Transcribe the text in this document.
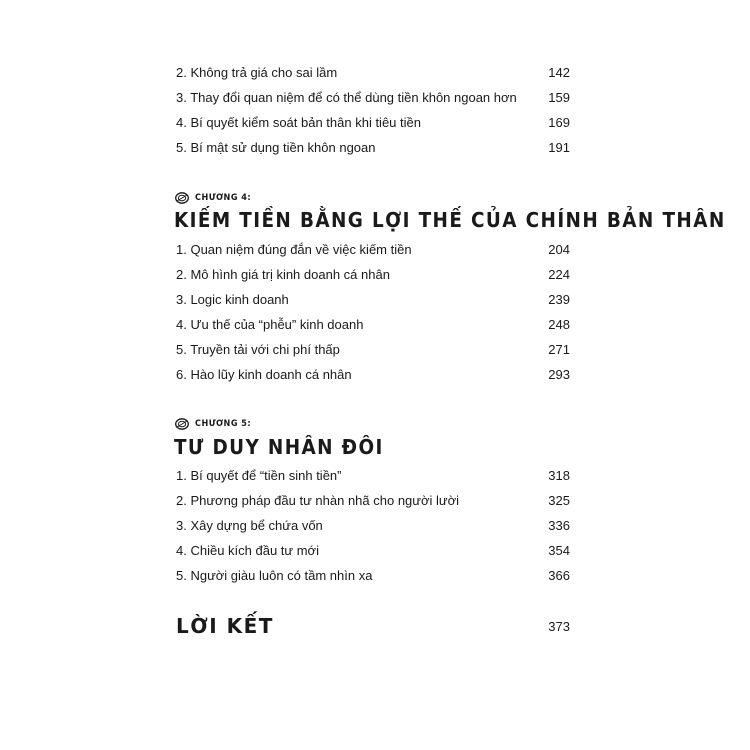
2. Không trả giá cho sai lầm	142
3. Thay đổi quan niệm để có thể dùng tiền khôn ngoan hơn 159
4. Bí quyết kiểm soát bản thân khi tiêu tiền	169
5. Bí mật sử dụng tiền khôn ngoan	191
CHƯƠNG 4:
KIẾM TIỀN BẰNG LỢI THẾ CỦA CHÍNH BẢN THÂN
1. Quan niệm đúng đắn về việc kiếm tiền	204
2. Mô hình giá trị kinh doanh cá nhân	224
3. Logic kinh doanh	239
4. Ưu thế của “phễu” kinh doanh	248
5. Truyền tải với chi phí thấp	271
6. Hào lũy kinh doanh cá nhân	293
CHƯƠNG 5:
TƯ DUY NHÂN ĐÔI
1. Bí quyết để “tiền sinh tiền”	318
2. Phương pháp đầu tư nhàn nhã cho người lười	325
3. Xây dựng bể chứa vốn	336
4. Chiều kích đầu tư mới	354
5. Người giàu luôn có tầm nhìn xa	366
LỜI KẾT	373
